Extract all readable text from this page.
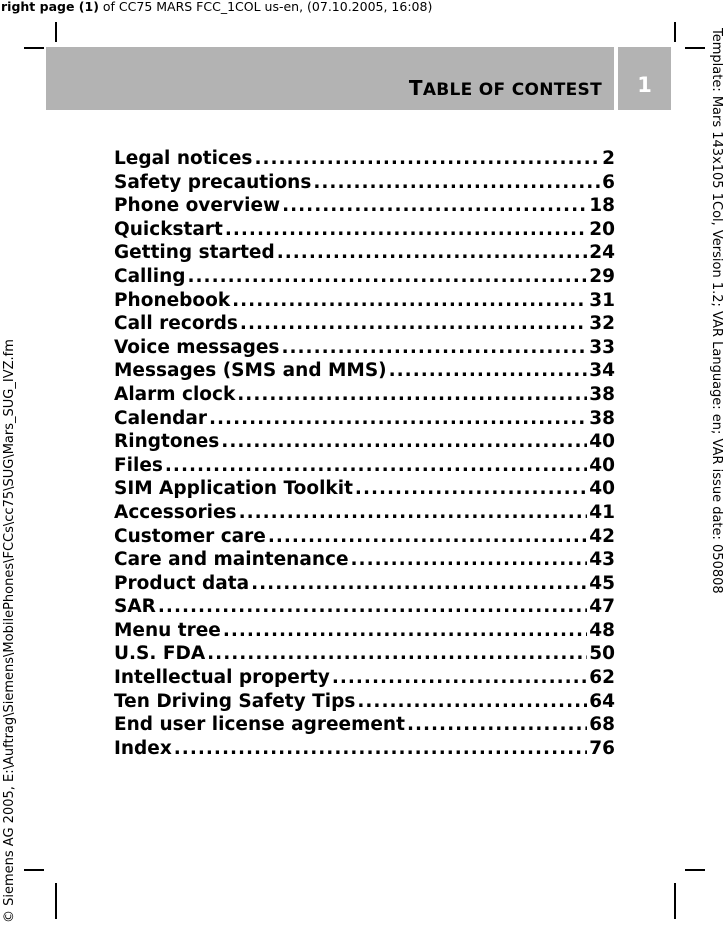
right page (1) of CC75 MARS FCC_1COL us-en, (07.10.2005, 16:08)
TABLE OF CONTEST	1	Template: Mars 143x105 1Col, Version 1.2; VAR Language: en; VAR issue date: 050808
© Siemens AG 2005, E:\Auftrag\Siemens\MobilePhones\FCCs\cc75\SUG\Mars_SUG_IVZ.fm
Legal notices .....	2
Safety precautions .....	6
Phone overview .....	18
Quickstart .....	20
Getting started .....	24
Calling .....	29
Phonebook .....	31
Call records .....	32
Voice messages .....	33
Messages (SMS and MMS) .....	34
Alarm clock .....	38
Calendar .....	38
Ringtones .....	40
Files .....	40
SIM Application Toolkit .....	40
Accessories .....	41
Customer care .....	42
Care and maintenance .....	43
Product data .....	45
SAR .....	47
Menu tree .....	48
U.S. FDA .....	50
Intellectual property .....	62
Ten Driving Safety Tips .....	64
End user license agreement .....	68
Index .....	76
